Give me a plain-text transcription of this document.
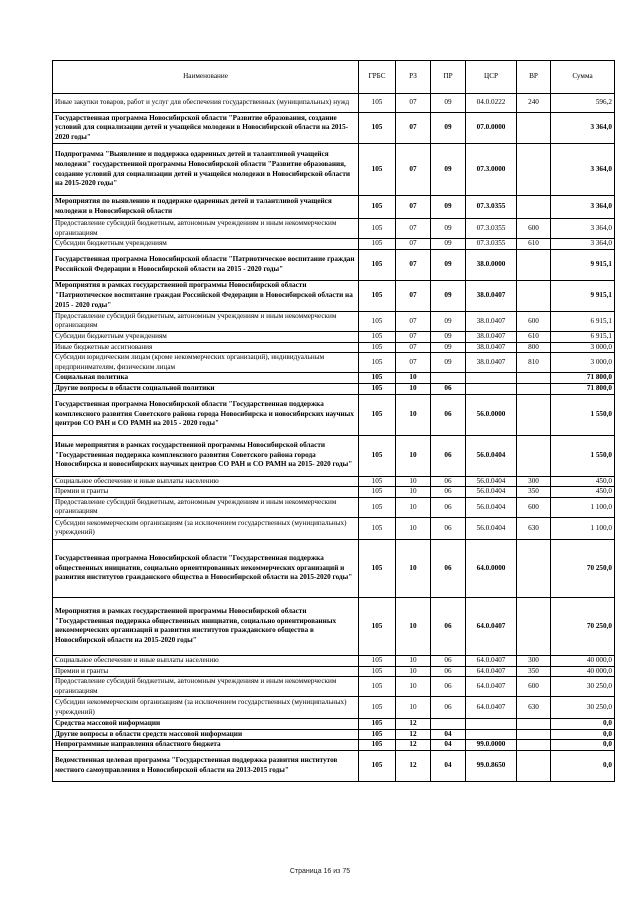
Наименование	ГРБС	РЗ	ПР	ЦСР	ВР	Сумма
Иные закупки товаров, работ и услуг для обеспечения государственных (муниципальных) нужд	105	07	09	04.0.0222	240	596,2
Государственная программа Новосибирской области "Развитие образования, создание условий для социализации детей и учащейся молодежи в Новосибирской области на 2015-2020 годы"	105	07	09	07.0.0000		3 364,0
Подпрограмма "Выявление и поддержка одаренных детей и талантливой учащейся молодежи" государственной программы Новосибирской области "Развитие образования, создание условий для социализации детей и учащейся молодежи в Новосибирской области на 2015-2020 годы"	105	07	09	07.3.0000		3 364,0
Мероприятия по выявлению и поддержке одаренных детей и талантливой учащейся молодежи в Новосибирской области	105	07	09	07.3.0355		3 364,0
Предоставление субсидий бюджетным, автономным учреждениям и иным некоммерческим организациям	105	07	09	07.3.0355	600	3 364,0
Субсидии бюджетным учреждениям	105	07	09	07.3.0355	610	3 364,0
Государственная программа Новосибирской области "Патриотическое воспитание граждан Российской Федерации в Новосибирской области на 2015 - 2020 годы"	105	07	09	38.0.0000		9 915,1
Мероприятия в рамках государственной программы Новосибирской области "Патриотическое воспитание граждан Российской Федерации в Новосибирской области на 2015 - 2020 годы"	105	07	09	38.0.0407		9 915,1
Предоставление субсидий бюджетным, автономным учреждениям и иным некоммерческим организациям	105	07	09	38.0.0407	600	6 915,1
Субсидии бюджетным учреждениям	105	07	09	38.0.0407	610	6 915,1
Иные бюджетные ассигнования	105	07	09	38.0.0407	800	3 000,0
Субсидии юридическим лицам (кроме некоммерческих организаций), индивидуальным предпринимателям, физическим лицам	105	07	09	38.0.0407	810	3 000,0
Социальная политика	105	10				71 800,0
Другие вопросы в области социальной политики	105	10	06			71 800,0
Государственная программа Новосибирской области "Государственная поддержка комплексного развития Советского района города Новосибирска и новосибирских научных центров СО РАН и СО РАМН на 2015 - 2020 годы"	105	10	06	56.0.0000		1 550,0
Иные мероприятия в рамках государственной программы Новосибирской области "Государственная поддержка комплексного развития Советского района города Новосибирска и новосибирских научных центров СО РАН и СО РАМН на 2015- 2020 годы"	105	10	06	56.0.0404		1 550,0
Социальное обеспечение и иные выплаты населению	105	10	06	56.0.0404	300	450,0
Премии и гранты	105	10	06	56.0.0404	350	450,0
Предоставление субсидий бюджетным, автономным учреждениям и иным некоммерческим организациям	105	10	06	56.0.0404	600	1 100,0
Субсидии некоммерческим организациям (за исключением государственных (муниципальных) учреждений)	105	10	06	56.0.0404	630	1 100,0
Государственная программа Новосибирской области "Государственная поддержка общественных инициатив, социально ориентированных некоммерческих организаций и развития институтов гражданского общества в Новосибирской области на 2015-2020 годы"	105	10	06	64.0.0000		70 250,0
Мероприятия в рамках государственной программы Новосибирской области "Государственная поддержка общественных инициатив, социально ориентированных некоммерческих организаций и развития институтов гражданского общества в Новосибирской области на 2015-2020 годы"	105	10	06	64.0.0407		70 250,0
Социальное обеспечение и иные выплаты населению	105	10	06	64.0.0407	300	40 000,0
Премии и гранты	105	10	06	64.0.0407	350	40 000,0
Предоставление субсидий бюджетным, автономным учреждениям и иным некоммерческим организациям	105	10	06	64.0.0407	600	30 250,0
Субсидии некоммерческим организациям (за исключением государственных (муниципальных) учреждений)	105	10	06	64.0.0407	630	30 250,0
Средства массовой информации	105	12				0,0
Другие вопросы в области средств массовой информации	105	12	04			0,0
Непрограммные направления областного бюджета	105	12	04	99.0.0000		0,0
Ведомственная целевая программа "Государственная поддержка развития институтов местного самоуправления в Новосибирской области на 2013-2015 годы"	105	12	04	99.0.8650		0,0
Страница 16 из 75
